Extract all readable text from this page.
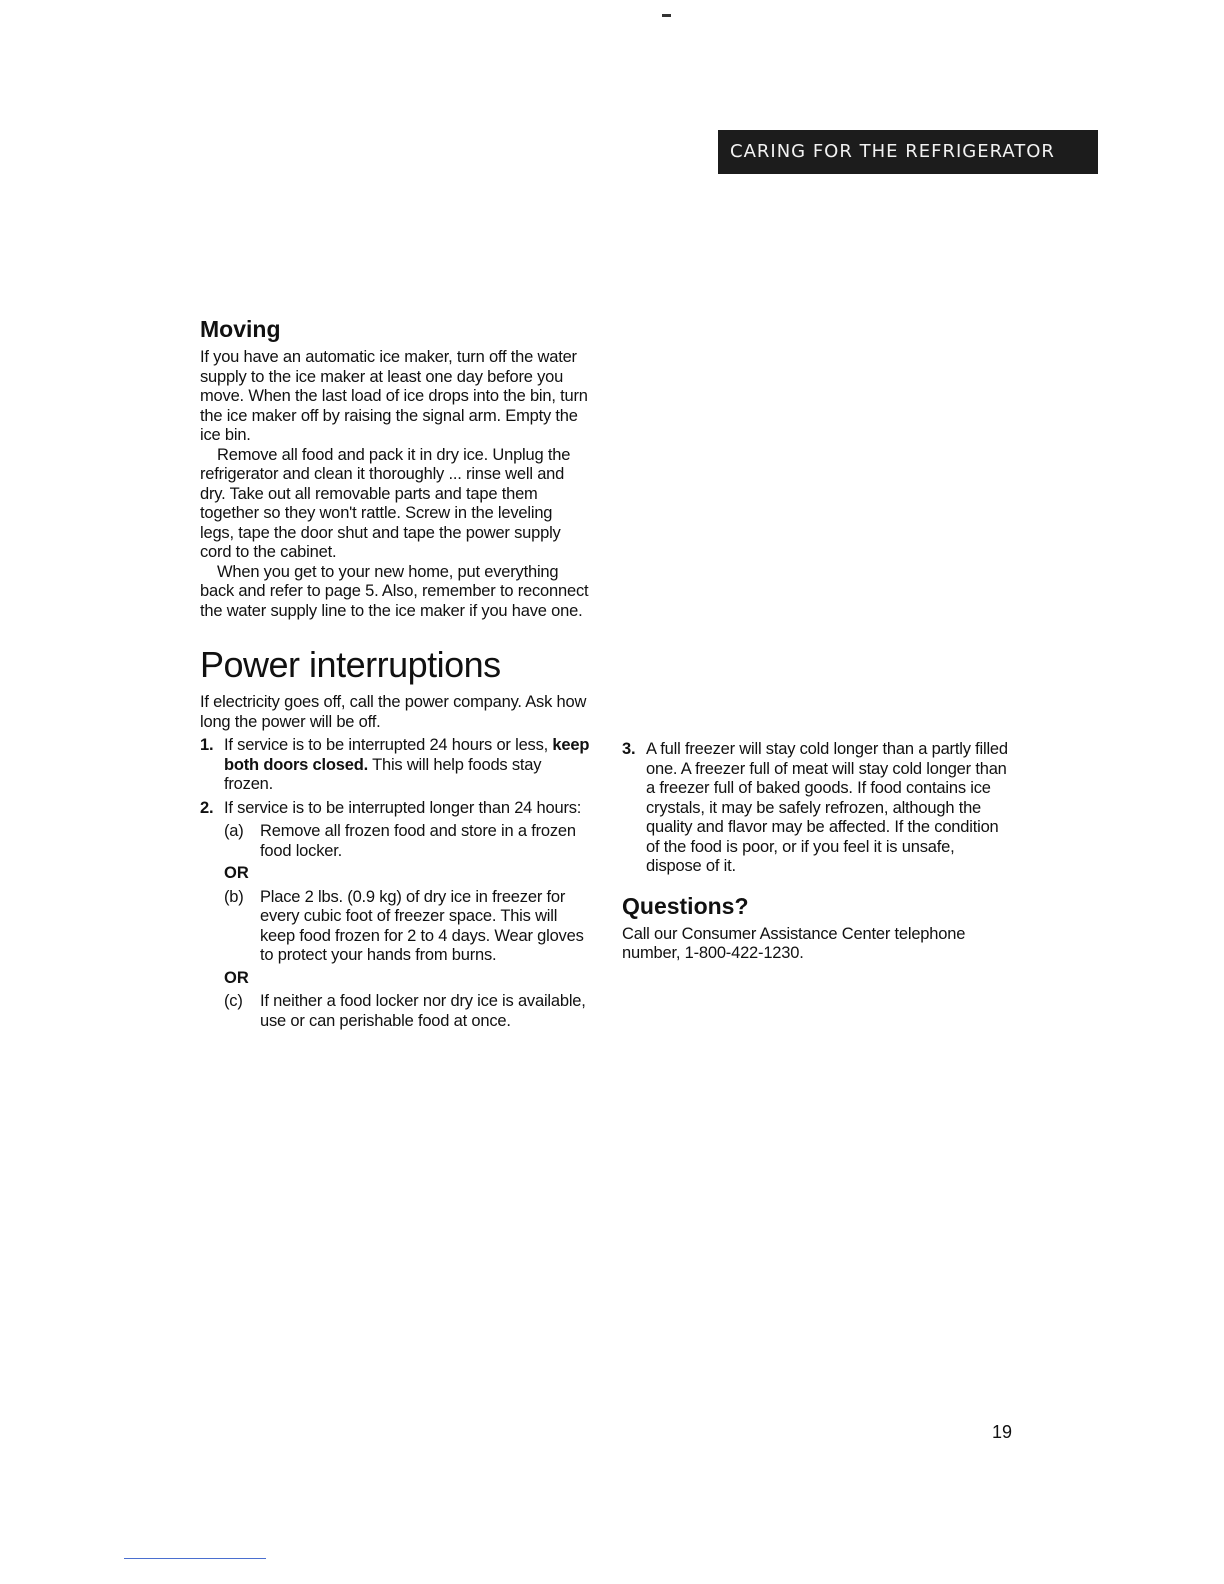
CARING FOR THE REFRIGERATOR
Moving

If you have an automatic ice maker, turn off the water supply to the ice maker at least one day before you move. When the last load of ice drops into the bin, turn the ice maker off by raising the signal arm. Empty the ice bin.

Remove all food and pack it in dry ice. Unplug the refrigerator and clean it thoroughly ... rinse well and dry. Take out all removable parts and tape them together so they won't rattle. Screw in the leveling legs, tape the door shut and tape the power supply cord to the cabinet.

When you get to your new home, put everything back and refer to page 5. Also, remember to reconnect the water supply line to the ice maker if you have one.

Power interruptions

If electricity goes off, call the power company. Ask how long the power will be off.

1. If service is to be interrupted 24 hours or less, keep both doors closed. This will help foods stay frozen.
2. If service is to be interrupted longer than 24 hours:
(a) Remove all frozen food and store in a frozen food locker.
OR
(b) Place 2 lbs. (0.9 kg) of dry ice in freezer for every cubic foot of freezer space. This will keep food frozen for 2 to 4 days. Wear gloves to protect your hands from burns.
OR
(c) If neither a food locker nor dry ice is available, use or can perishable food at once.
3. A full freezer will stay cold longer than a partly filled one. A freezer full of meat will stay cold longer than a freezer full of baked goods. If food contains ice crystals, it may be safely refrozen, although the quality and flavor may be affected. If the condition of the food is poor, or if you feel it is unsafe, dispose of it.
Questions?

Call our Consumer Assistance Center telephone number, 1-800-422-1230.

19
